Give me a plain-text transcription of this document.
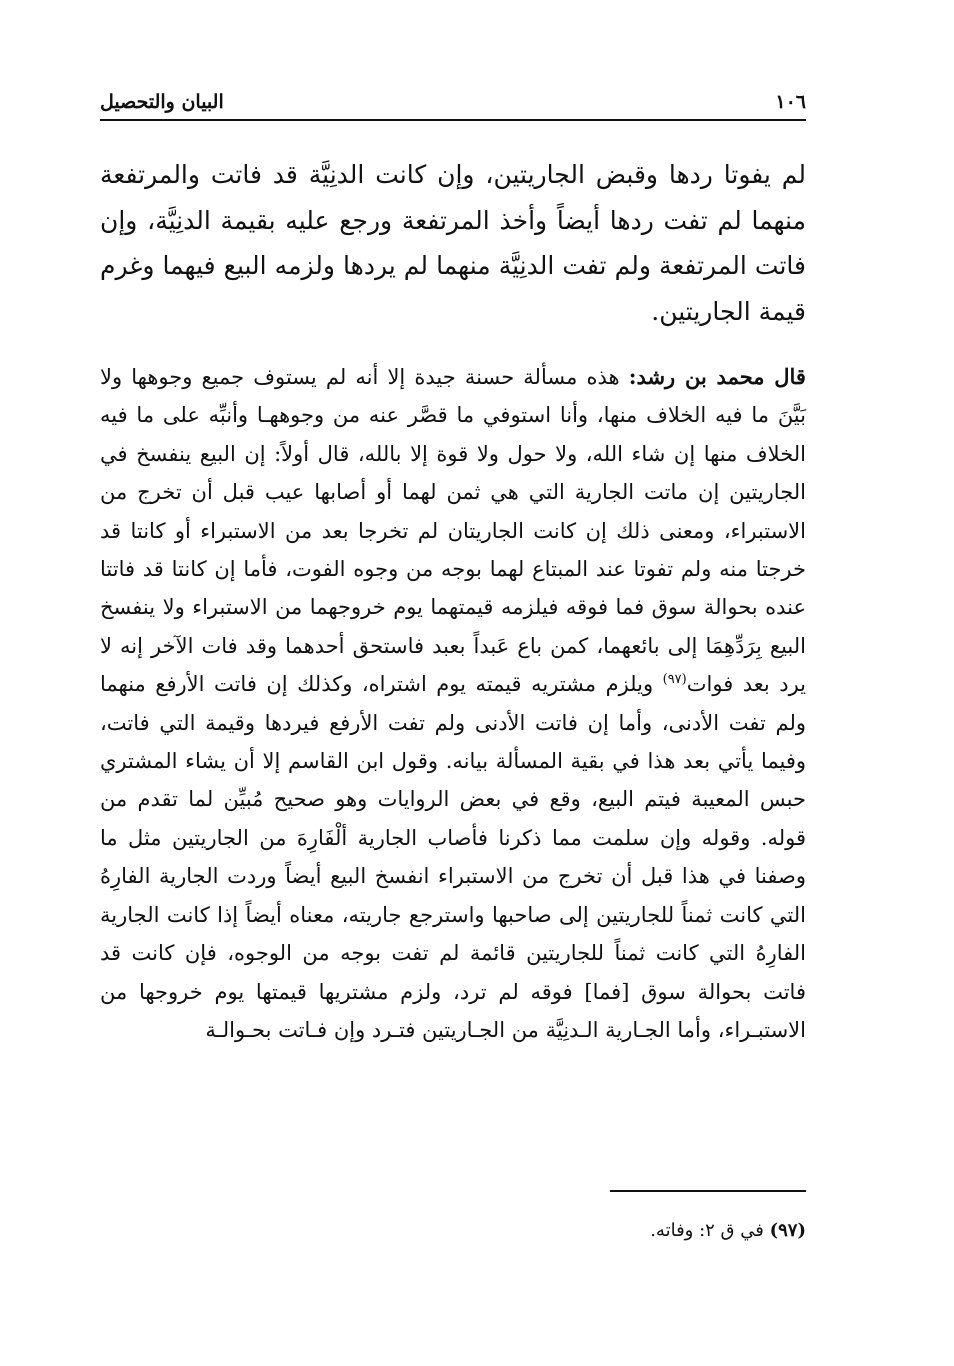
١٠٦
البيان والتحصيل

لم يفوتا ردها وقبض الجاريتين، وإن كانت الدنِيَّة قد فاتت والمرتفعة منهما لم تفت ردها أيضاً وأخذ المرتفعة ورجع عليه بقيمة الدنِيَّة، وإن فاتت المرتفعة ولم تفت الدنِيَّة منهما لم يردها ولزمه البيع فيهما وغرم قيمة الجاريتين.

قال محمد بن رشد: هذه مسألة حسنة جيدة إلا أنه لم يستوف جميع وجوهها ولا بَيَّنَ ما فيه الخلاف منها، وأنا استوفي ما قصَّر عنه من وجوههـا وأنبِّه على ما فيه الخلاف منها إن شاء الله، ولا حول ولا قوة إلا بالله، قال أولاً: إن البيع ينفسخ في الجاريتين إن ماتت الجارية التي هي ثمن لهما أو أصابها عيب قبل أن تخرج من الاستبراء، ومعنى ذلك إن كانت الجاريتان لم تخرجا بعد من الاستبراء أو كانتا قد خرجتا منه ولم تفوتا عند المبتاع لهما بوجه من وجوه الفوت، فأما إن كانتا قد فاتتا عنده بحوالة سوق فما فوقه فيلزمه قيمتهما يوم خروجهما من الاستبراء ولا ينفسخ البيع بِرَدِّهِمَا إلى بائعهما، كمن باع عَبداً بعبد فاستحق أحدهما وقد فات الآخر إنه لا يرد بعد فوات$^{(٩٧)}$ ويلزم مشتريه قيمته يوم اشتراه، وكذلك إن فاتت الأرفع منهما ولم تفت الأدنى، وأما إن فاتت الأدنى ولم تفت الأرفع فيردها وقيمة التي فاتت، وفيما يأتي بعد هذا في بقية المسألة بيانه. وقول ابن القاسم إلا أن يشاء المشتري حبس المعيبة فيتم البيع، وقع في بعض الروايات وهو صحيح مُبيِّن لما تقدم من قوله. وقوله وإن سلمت مما ذكرنا فأصاب الجارية ألْفَارِهَ من الجاريتين مثل ما وصفنا في هذا قبل أن تخرج من الاستبراء انفسخ البيع أيضاً وردت الجارية الفارِهُ التي كانت ثمناً للجاريتين إلى صاحبها واسترجع جاريته، معناه أيضاً إذا كانت الجارية الفارِهُ التي كانت ثمناً للجاريتين قائمة لم تفت بوجه من الوجوه، فإن كانت قد فاتت بحوالة سوق [فما] فوقه لم ترد، ولزم مشتريها قيمتها يوم خروجها من الاستبـراء، وأما الجـارية الـدنِيَّة من الجـاريتين فتـرد وإن فـاتت بحـوالـة

(٩٧) في ق ٢: وفاته.
